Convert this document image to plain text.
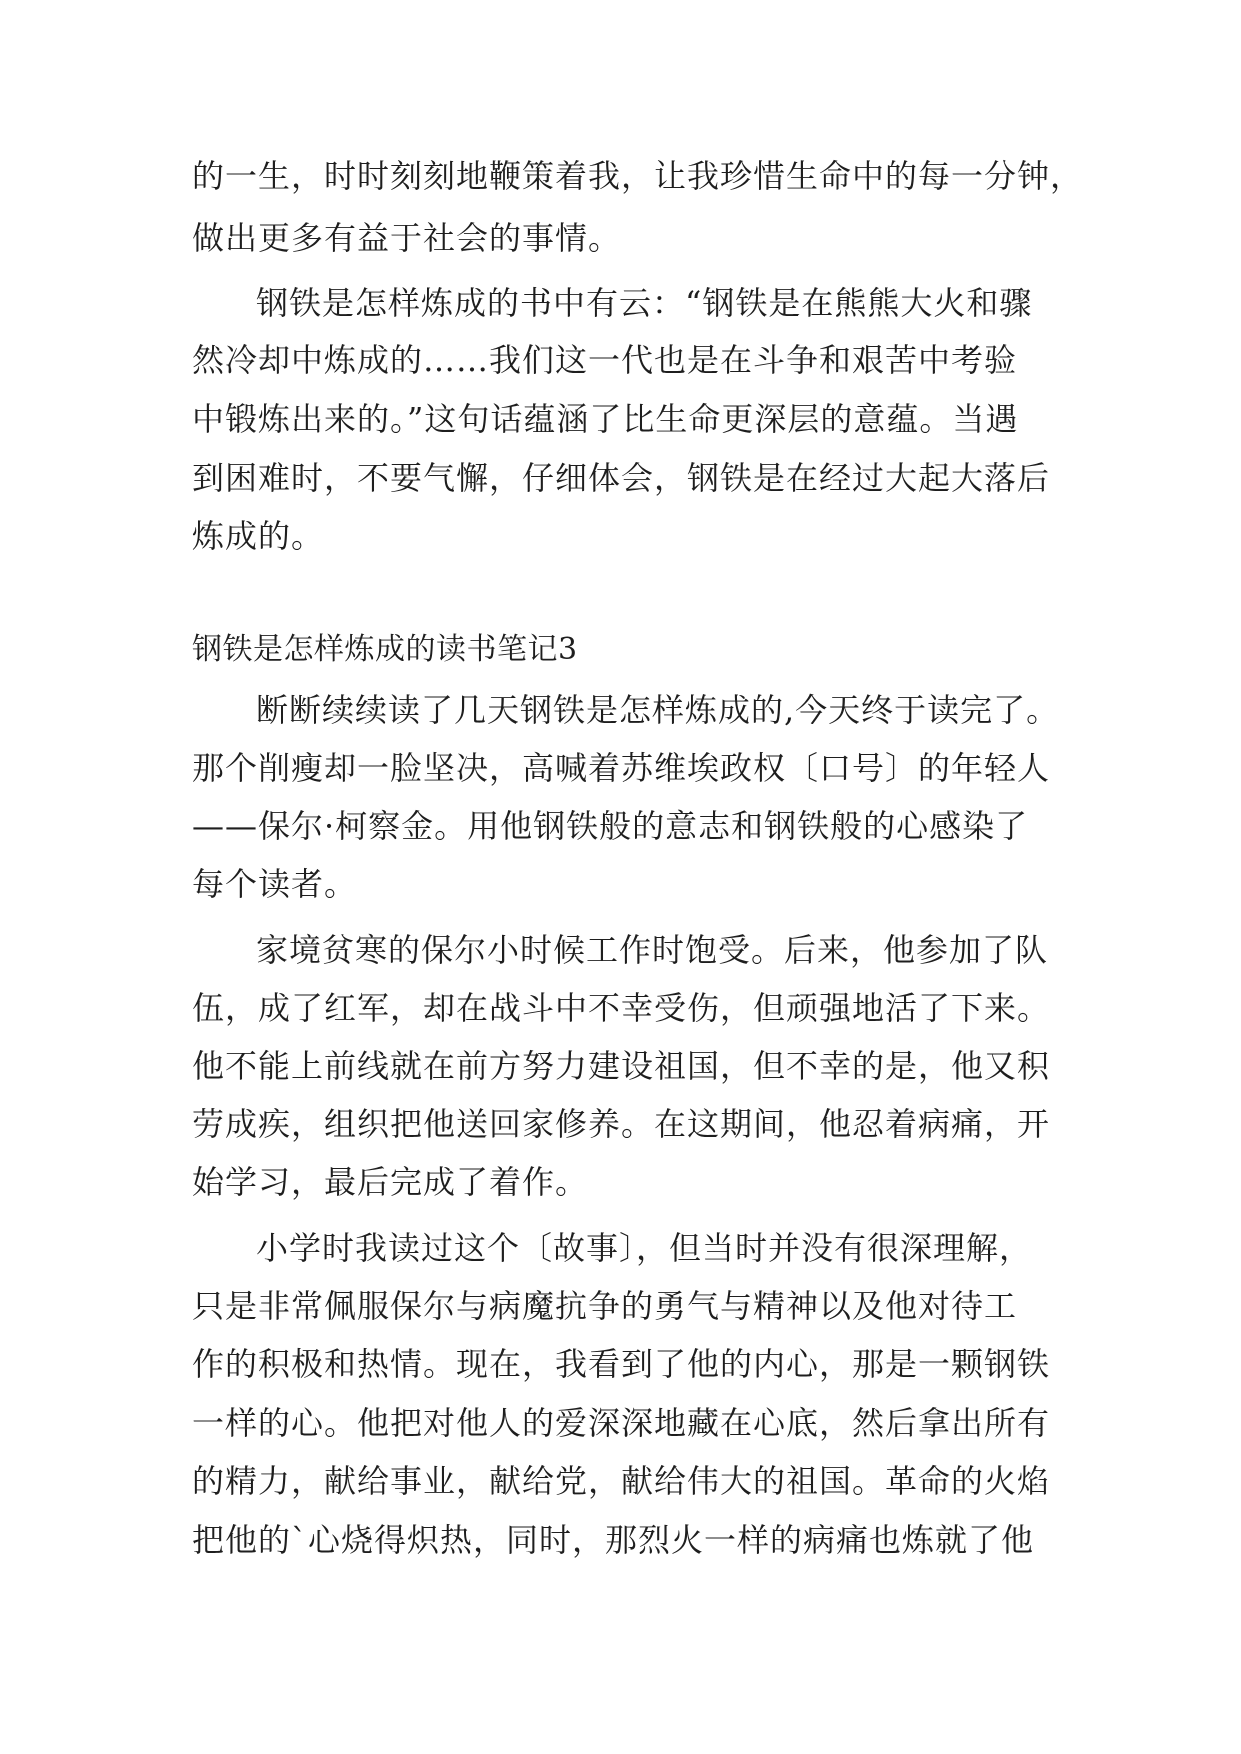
的一生，时时刻刻地鞭策着我，让我珍惜生命中的每一分钟，

做出更多有益于社会的事情。

钢铁是怎样炼成的书中有云：“钢铁是在熊熊大火和骤

然冷却中炼成的……我们这一代也是在斗争和艰苦中考验

中锻炼出来的。”这句话蕴涵了比生命更深层的意蕴。当遇

到困难时，不要气懈，仔细体会，钢铁是在经过大起大落后

炼成的。

钢铁是怎样炼成的读书笔记3

断断续续读了几天钢铁是怎样炼成的,今天终于读完了。

那个削瘦却一脸坚决，高喊着苏维埃政权〔口号〕的年轻人

——保尔·柯察金。用他钢铁般的意志和钢铁般的心感染了

每个读者。

家境贫寒的保尔小时候工作时饱受。后来，他参加了队

伍，成了红军，却在战斗中不幸受伤，但顽强地活了下来。

他不能上前线就在前方努力建设祖国，但不幸的是，他又积

劳成疾，组织把他送回家修养。在这期间，他忍着病痛，开

始学习，最后完成了着作。

小学时我读过这个〔故事〕，但当时并没有很深理解，

只是非常佩服保尔与病魔抗争的勇气与精神以及他对待工

作的积极和热情。现在，我看到了他的内心，那是一颗钢铁

一样的心。他把对他人的爱深深地藏在心底，然后拿出所有

的精力，献给事业，献给党，献给伟大的祖国。革命的火焰

把他的`心烧得炽热，同时，那烈火一样的病痛也炼就了他
